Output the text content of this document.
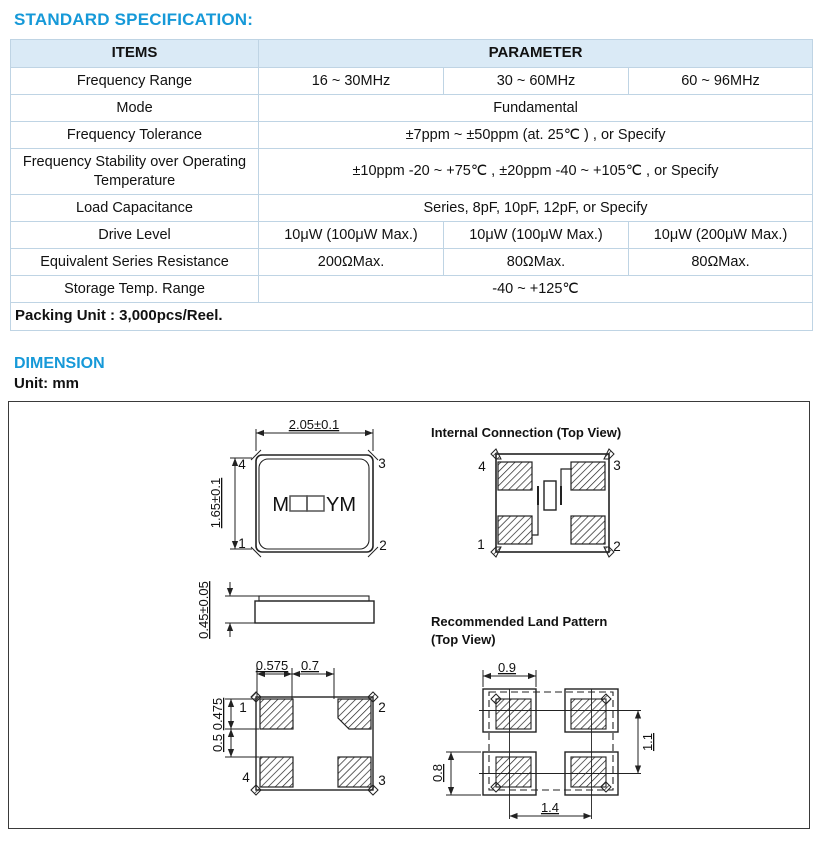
STANDARD SPECIFICATION:
ITEMS	PARAMETER		
Frequency Range	16 ~ 30MHz	30 ~ 60MHz	60 ~ 96MHz
Mode	Fundamental		
Frequency Tolerance	±7ppm ~ ±50ppm (at. 25℃ ) , or Specify		
Frequency Stability over Operating Temperature	±10ppm -20 ~ +75℃ , ±20ppm -40 ~ +105℃ , or Specify		
Load Capacitance	Series, 8pF, 10pF, 12pF, or Specify		
Drive Level	10μW (100μW Max.)	10μW (100μW Max.)	10μW (200μW Max.)
Equivalent Series Resistance	200ΩMax.	80ΩMax.	80ΩMax.
Storage Temp. Range	-40 ~ +125℃		
Packing Unit : 3,000pcs/Reel.			
DIMENSION
Unit: mm
M YM
4	3
1	2
2.05±0.1
1.65±0.1
Internal Connection (Top View)
4	3
1	2
0.45±0.05
1	2
4	3
0.575 0.7
0.475
0.5
Recommended Land Pattern
(Top View)
0.9
0.8
1.1
1.4
